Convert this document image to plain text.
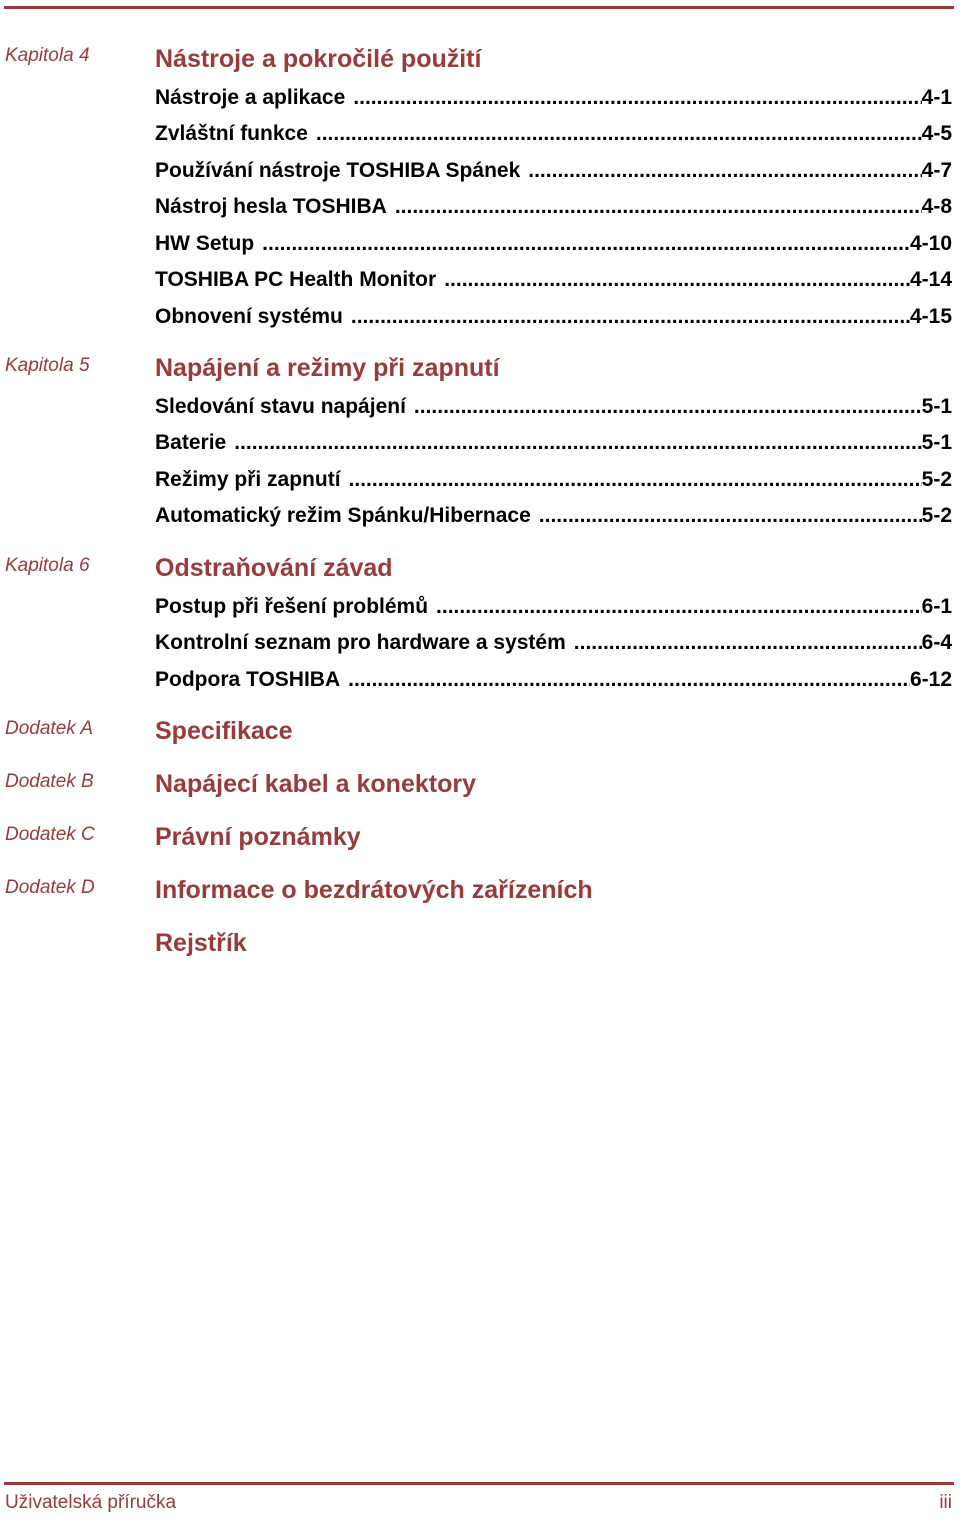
Kapitola 4	Nástroje a pokročilé použití
Nástroje a aplikace .....	4-1
Zvláštní funkce .....	4-5
Používání nástroje TOSHIBA Spánek .....	4-7
Nástroj hesla TOSHIBA .....	4-8
HW Setup .....	4-10
TOSHIBA PC Health Monitor .....	4-14
Obnovení systému .....	4-15
Kapitola 5	Napájení a režimy při zapnutí
Sledování stavu napájení .....	5-1
Baterie .....	5-1
Režimy při zapnutí .....	5-2
Automatický režim Spánku/Hibernace .....	5-2
Kapitola 6	Odstraňování závad
Postup při řešení problémů .....	6-1
Kontrolní seznam pro hardware a systém .....	6-4
Podpora TOSHIBA .....	6-12
Dodatek A Specifikace
Dodatek B Napájecí kabel a konektory
Dodatek C Právní poznámky
Dodatek D Informace o bezdrátových zařízeních
Rejstřík
Uživatelská příručka	iii
